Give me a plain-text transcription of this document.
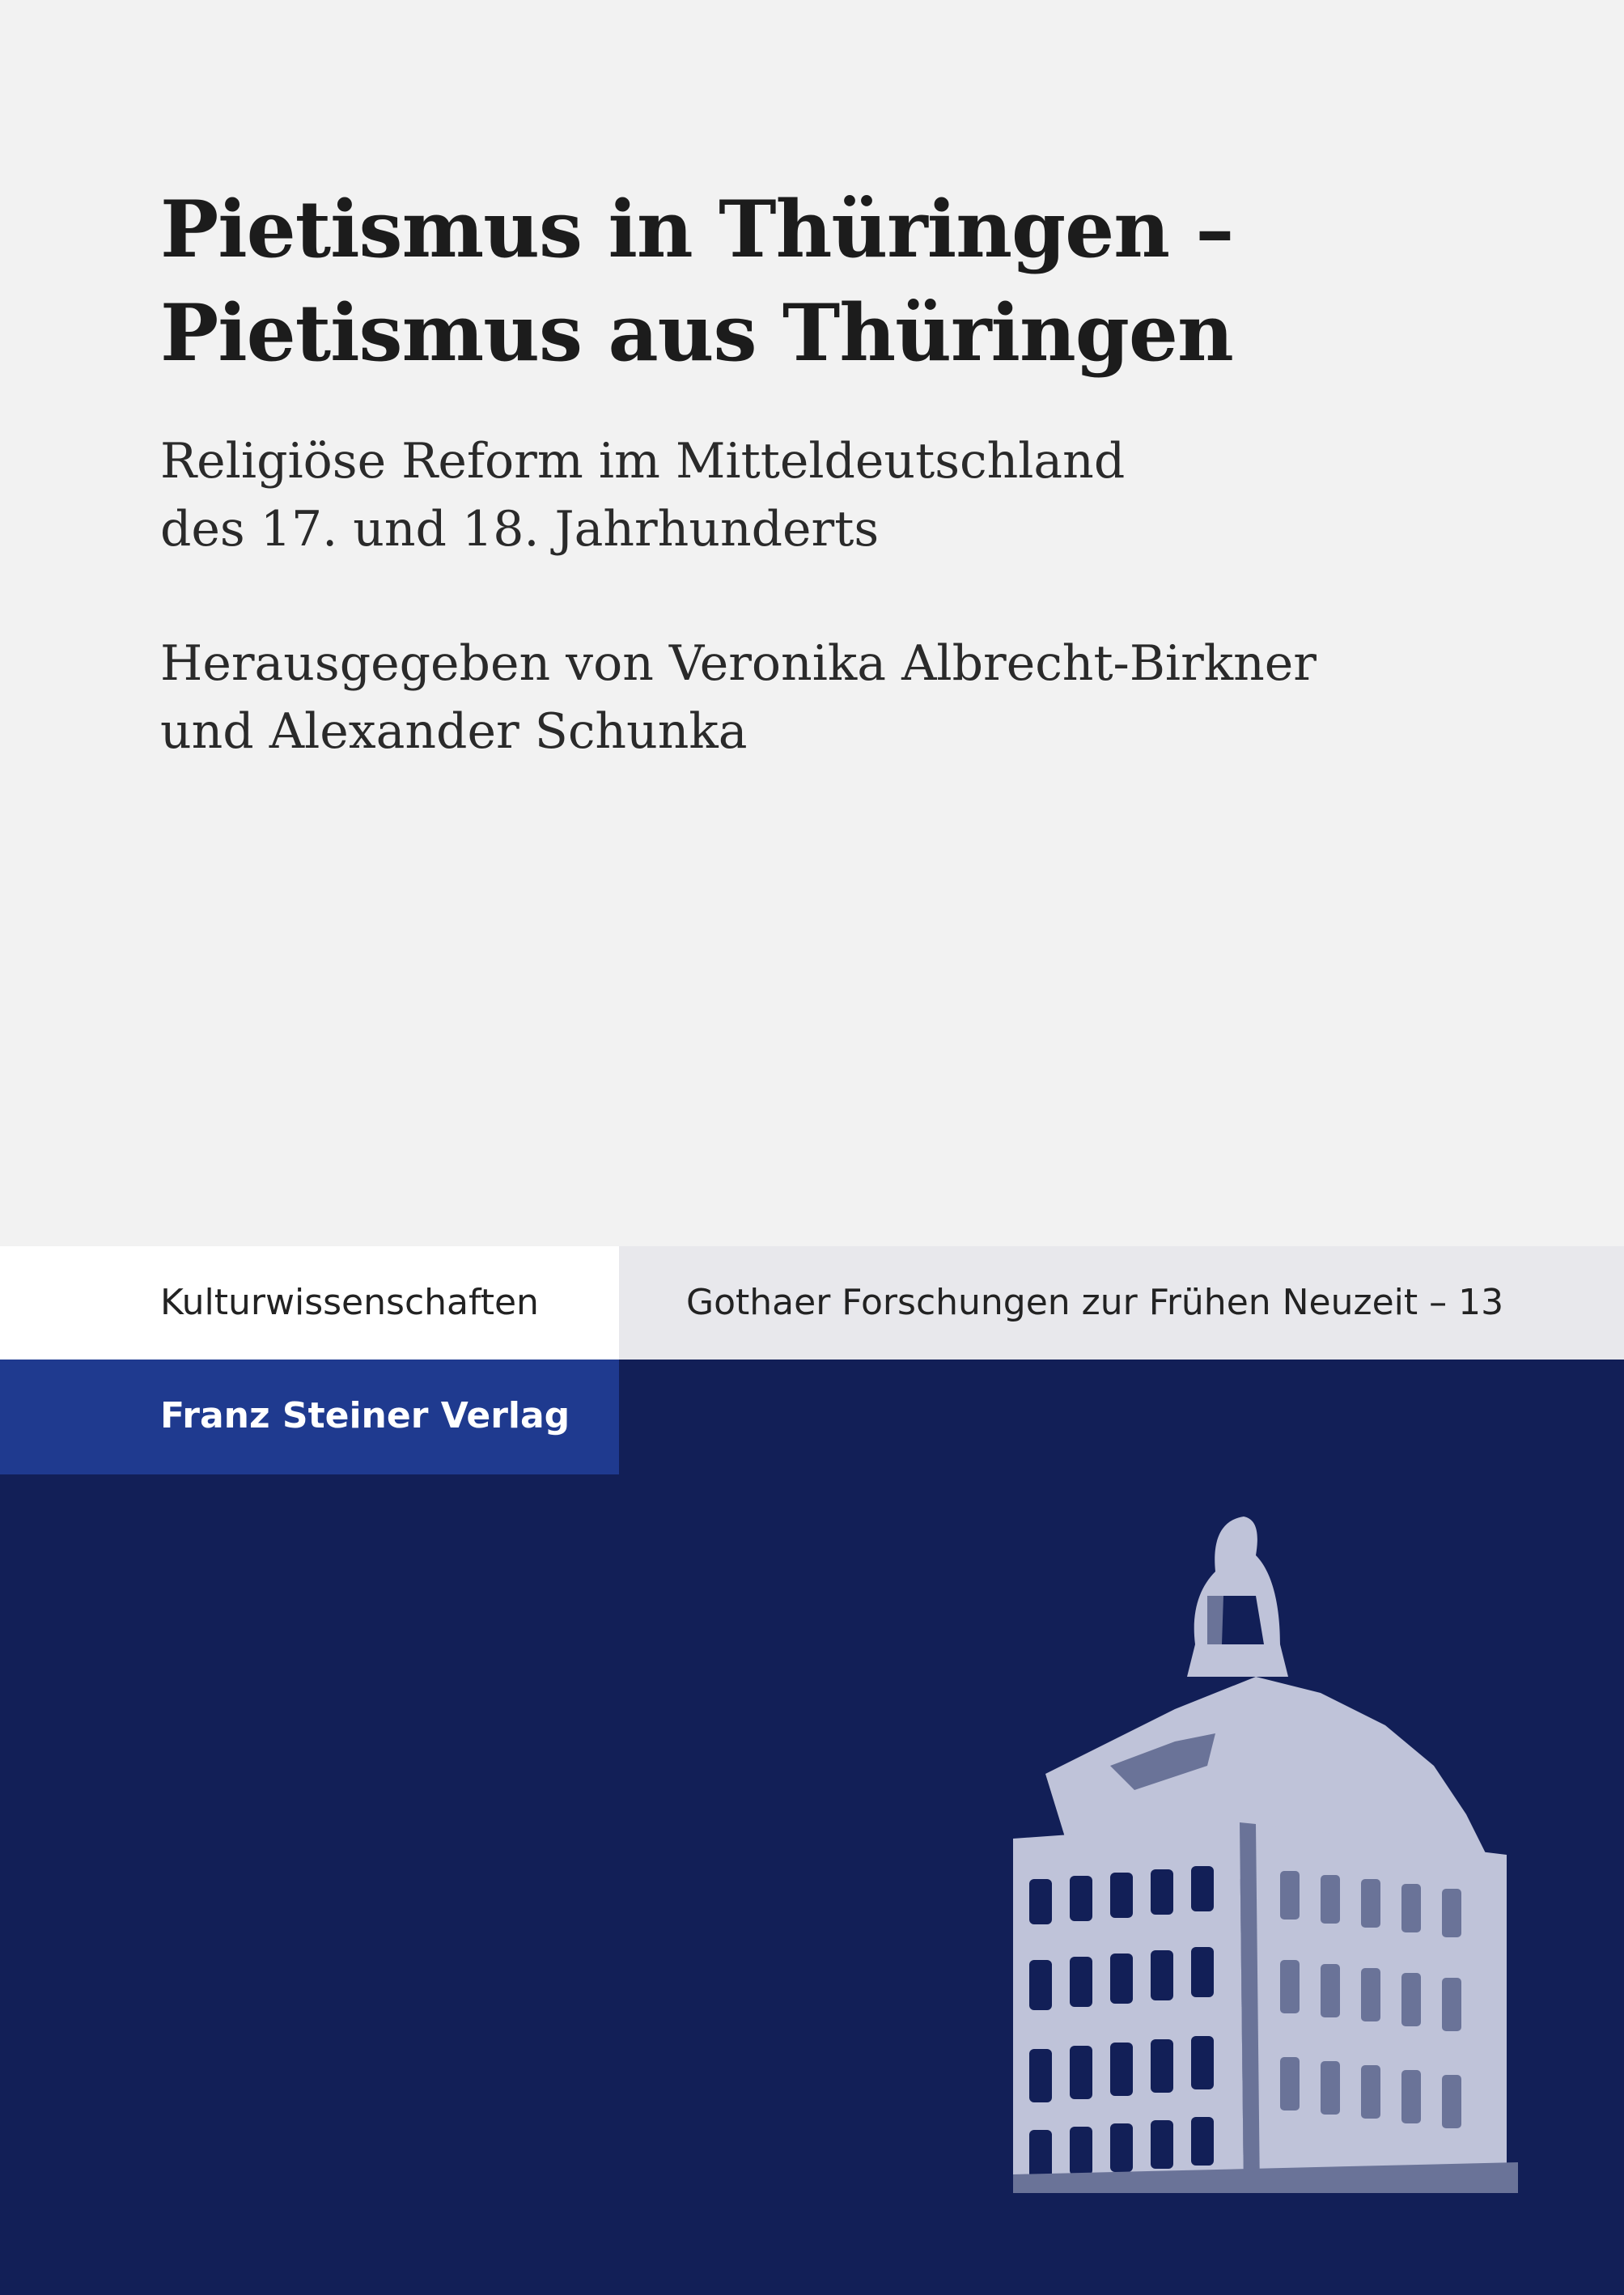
Pietismus in Thüringen –
Pietismus aus Thüringen
Religiöse Reform im Mitteldeutschland
des 17. und 18. Jahrhunderts
Herausgegeben von Veronika Albrecht-Birkner
und Alexander Schunka
Kulturwissenschaften	Gothaer Forschungen zur Frühen Neuzeit – 13
Franz Steiner Verlag
